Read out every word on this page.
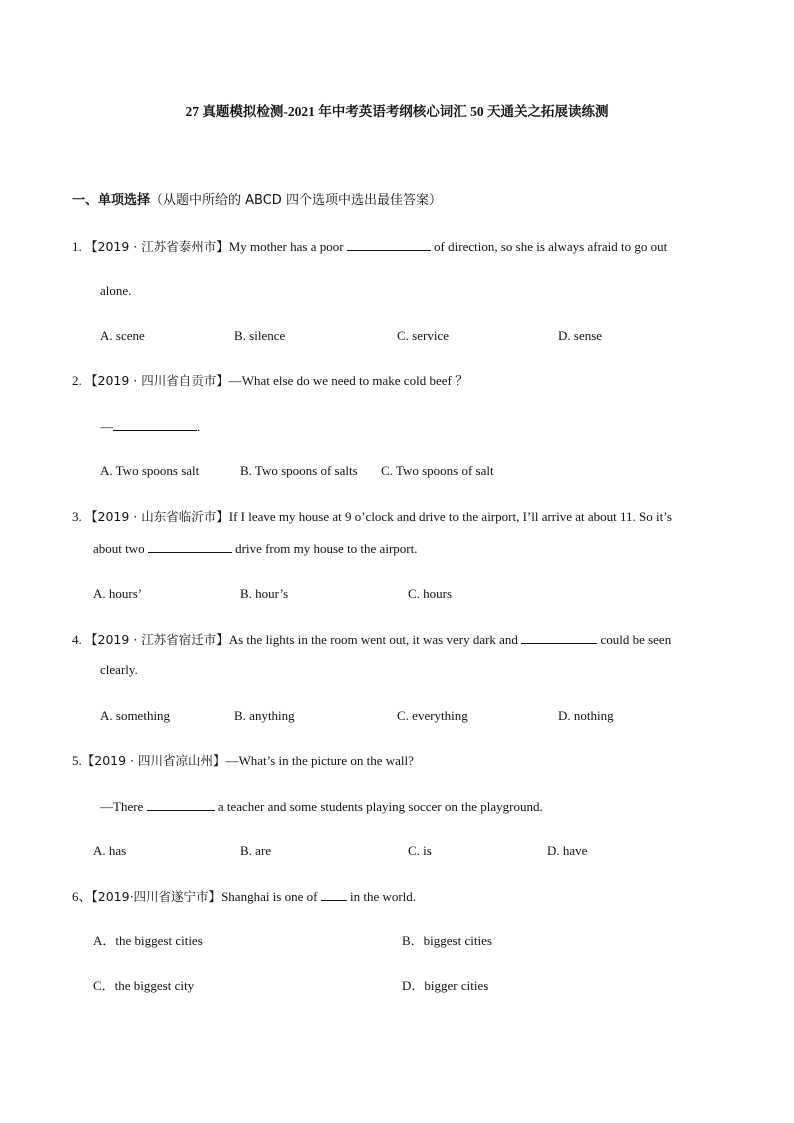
27 真题模拟检测-2021 年中考英语考纲核心词汇 50 天通关之拓展读练测
一、单项选择（从题中所给的 ABCD 四个选项中选出最佳答案）
1. 【2019 · 江苏省泰州市】My mother has a poor	of direction, so she is always afraid to go out
alone.
A. scene	B. silence	C. service	D. sense
2. 【2019 · 四川省自贡市】—What else do we need to make cold beef ？
—	.
A. Two spoons salt	B. Two spoons of salts C. Two spoons of salt
3. 【2019 · 山东省临沂市】If I leave my house at 9 o’clock and drive to the airport, I’ll arrive at about 11. So it’s
about two	drive from my house to the airport.
A. hours’	B. hour’s	C. hours
4. 【2019 · 江苏省宿迁市】As the lights in the room went out, it was very dark and	could be seen
clearly.
A. something	B. anything	C. everything	D. nothing
5.【2019 · 四川省凉山州】—What’s in the picture on the wall?
—There	a teacher and some students playing soccer on the playground.
A. has	B. are	C. is	D. have
6、【2019·四川省遂宁市】Shanghai is one of	in the world.
A．the biggest cities	B．biggest cities
C．the biggest city	D．bigger cities
